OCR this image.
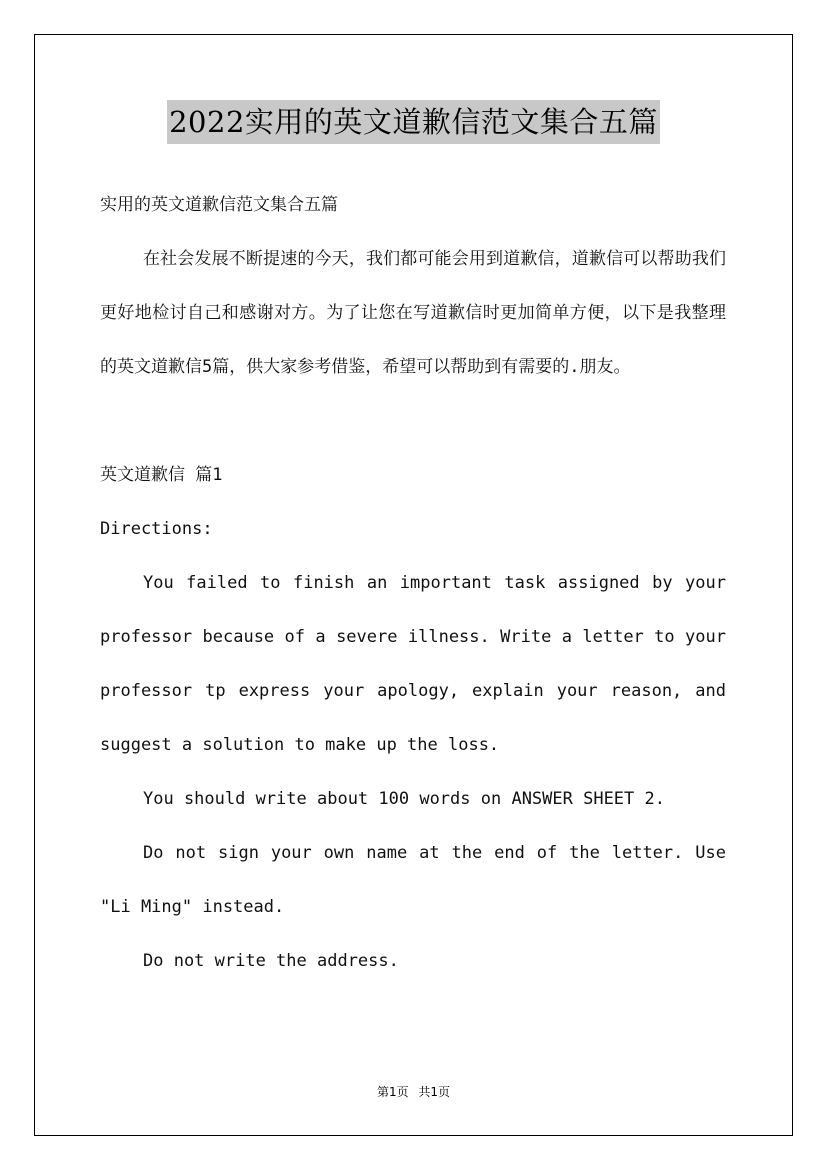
2022实用的英文道歉信范文集合五篇

实用的英文道歉信范文集合五篇

在社会发展不断提速的今天，我们都可能会用到道歉信，道歉信可以帮助我们更好地检讨自己和感谢对方。为了让您在写道歉信时更加简单方便，以下是我整理的英文道歉信5篇，供大家参考借鉴，希望可以帮助到有需要的.朋友。

英文道歉信 篇1

Directions:

You failed to finish an important task assigned by your professor because of a severe illness. Write a letter to your professor tp express your apology, explain your reason, and suggest a solution to make up the loss.

You should write about 100 words on ANSWER SHEET 2.

Do not sign your own name at the end of the letter. Use "Li Ming" instead.

Do not write the address.

第1页 共1页
